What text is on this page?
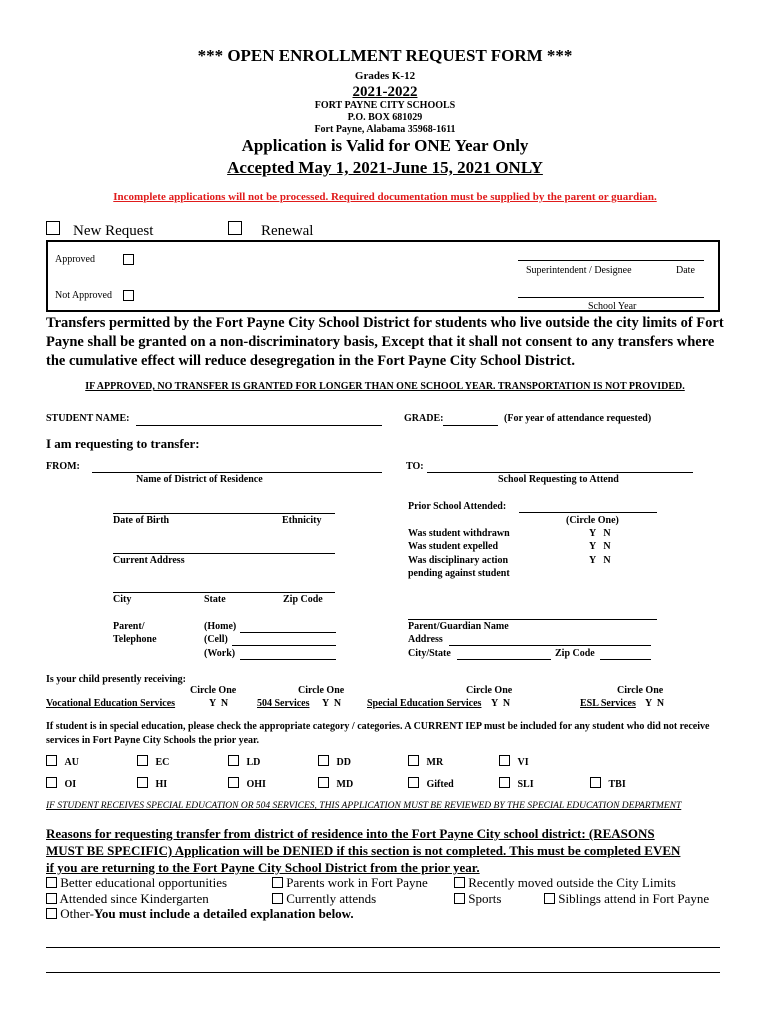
*** OPEN ENROLLMENT REQUEST FORM ***
Grades K-12
2021-2022
FORT PAYNE CITY SCHOOLS
P.O. BOX 681029
Fort Payne, Alabama 35968-1611
Application is Valid for ONE Year Only
Accepted May 1, 2021-June 15, 2021 ONLY
Incomplete applications will not be processed. Required documentation must be supplied by the parent or guardian.
New Request	Renewal
Approved
Not Approved
Superintendent / Designee	Date
School Year
Transfers permitted by the Fort Payne City School District for students who live outside the city limits of Fort Payne shall be granted on a non-discriminatory basis, Except that it shall not consent to any transfers where the cumulative effect will reduce desegregation in the Fort Payne City School District.
IF APPROVED, NO TRANSFER IS GRANTED FOR LONGER THAN ONE SCHOOL YEAR. TRANSPORTATION IS NOT PROVIDED.
STUDENT NAME:	GRADE:	(For year of attendance requested)
I am requesting to transfer:
FROM:
Name of District of Residence
TO:
School Requesting to Attend
Date of Birth	Ethnicity
Current Address
City	State	Zip Code
Parent/
Telephone
(Home)
(Cell)
(Work)
Prior School Attended:
(Circle One)
Was student withdrawn
Was student expelled
Was disciplinary action
pending against student
Y   N
Y   N
Y   N
Parent/Guardian Name
Address
City/State	Zip Code
Is your child presently receiving:
Circle One	Circle One	Circle One	Circle One
Vocational Education Services	Y  N	504 Services Y  N	Special Education Services Y  N	ESL Services Y  N
If student is in special education, please check the appropriate category / categories. A CURRENT IEP must be included for any student who did not receive services in Fort Payne City Schools the prior year.
AU	EC	LD	DD	MR	VI
OI	HI	OHI	MD	Gifted	SLI	TBI
IF STUDENT RECEIVES SPECIAL EDUCATION OR 504 SERVICES, THIS APPLICATION MUST BE REVIEWED BY THE SPECIAL EDUCATION DEPARTMENT
Reasons for requesting transfer from district of residence into the Fort Payne City school district: (REASONS
MUST BE SPECIFIC) Application will be DENIED if this section is not completed. This must be completed EVEN
if you are returning to the Fort Payne City School District from the prior year.
Better educational opportunities	Parents work in Fort Payne	Recently moved outside the City Limits
Attended since Kindergarten	Currently attends	Sports	Siblings attend in Fort Payne
Other-You must include a detailed explanation below.
